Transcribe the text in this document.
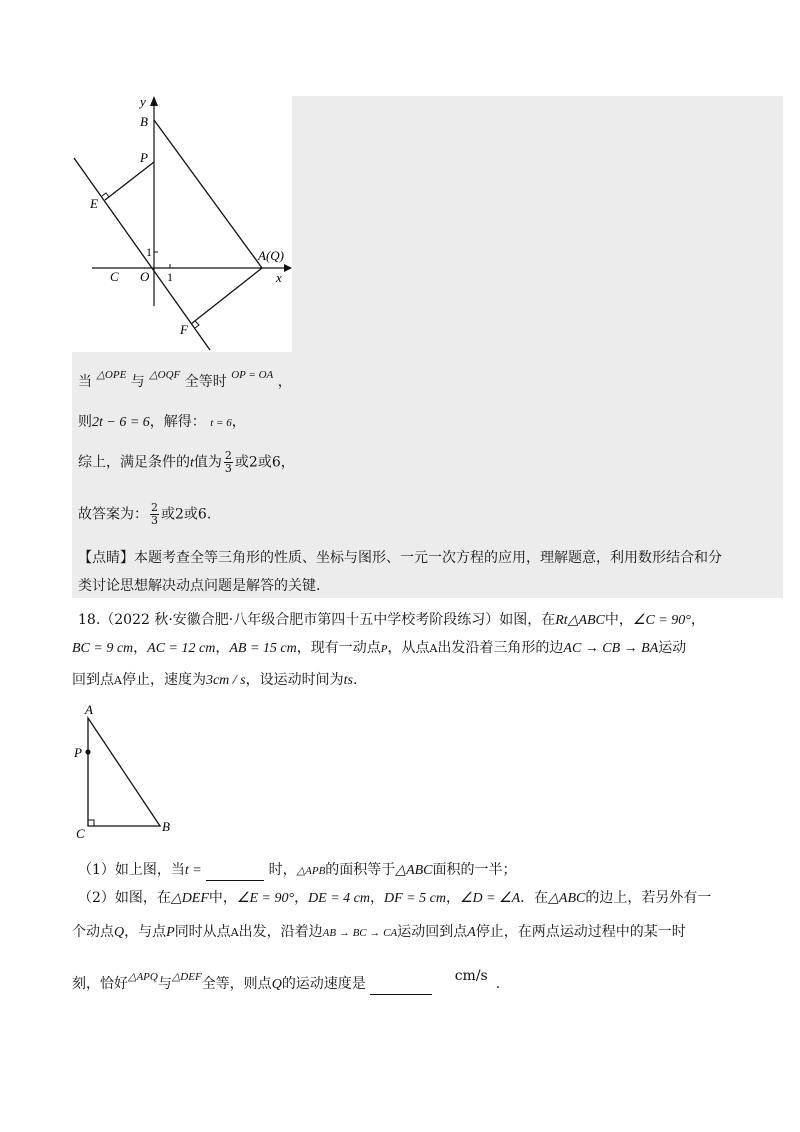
y
B
P
E
1	A(Q)
C O 1	x
F
当 $^{\triangle OPE}$ 与 $^{\triangle OQF}$ 全等时 $^{OP = OA}$ ，
则2t − 6 = 6，解得： t = 6，
综上，满足条件的t值为 $\frac{2}{3}$ 或2或6，
故答案为： $\frac{2}{3}$ 或2或6.
【点睛】本题考查全等三角形的性质、坐标与图形、一元一次方程的应用，理解题意，利用数形结合和分
类讨论思想解决动点问题是解答的关键.
18.（2022 秋·安徽合肥·八年级合肥市第四十五中学校考阶段练习）如图，在Rt△ABC中，∠C = 90°，
BC = 9 cm，AC = 12 cm，AB = 15 cm，现有一动点P，从点A出发沿着三角形的边AC → CB → BA运动
回到点A停止，速度为3cm / s，设运动时间为ts.
A
P
C	B
（1）如上图，当t =	时，△APB的面积等于△ABC面积的一半；
（2）如图，在△DEF中，∠E = 90°，DE = 4 cm，DF = 5 cm，∠D = ∠A．在△ABC的边上，若另外有一
个动点Q，与点P同时从点A出发，沿着边AB → BC → CA运动回到点A停止，在两点运动过程中的某一时
刻，恰好$^{\triangle APQ}$与$^{\triangle DEF}$全等，则点Q的运动速度是	cm/s .
